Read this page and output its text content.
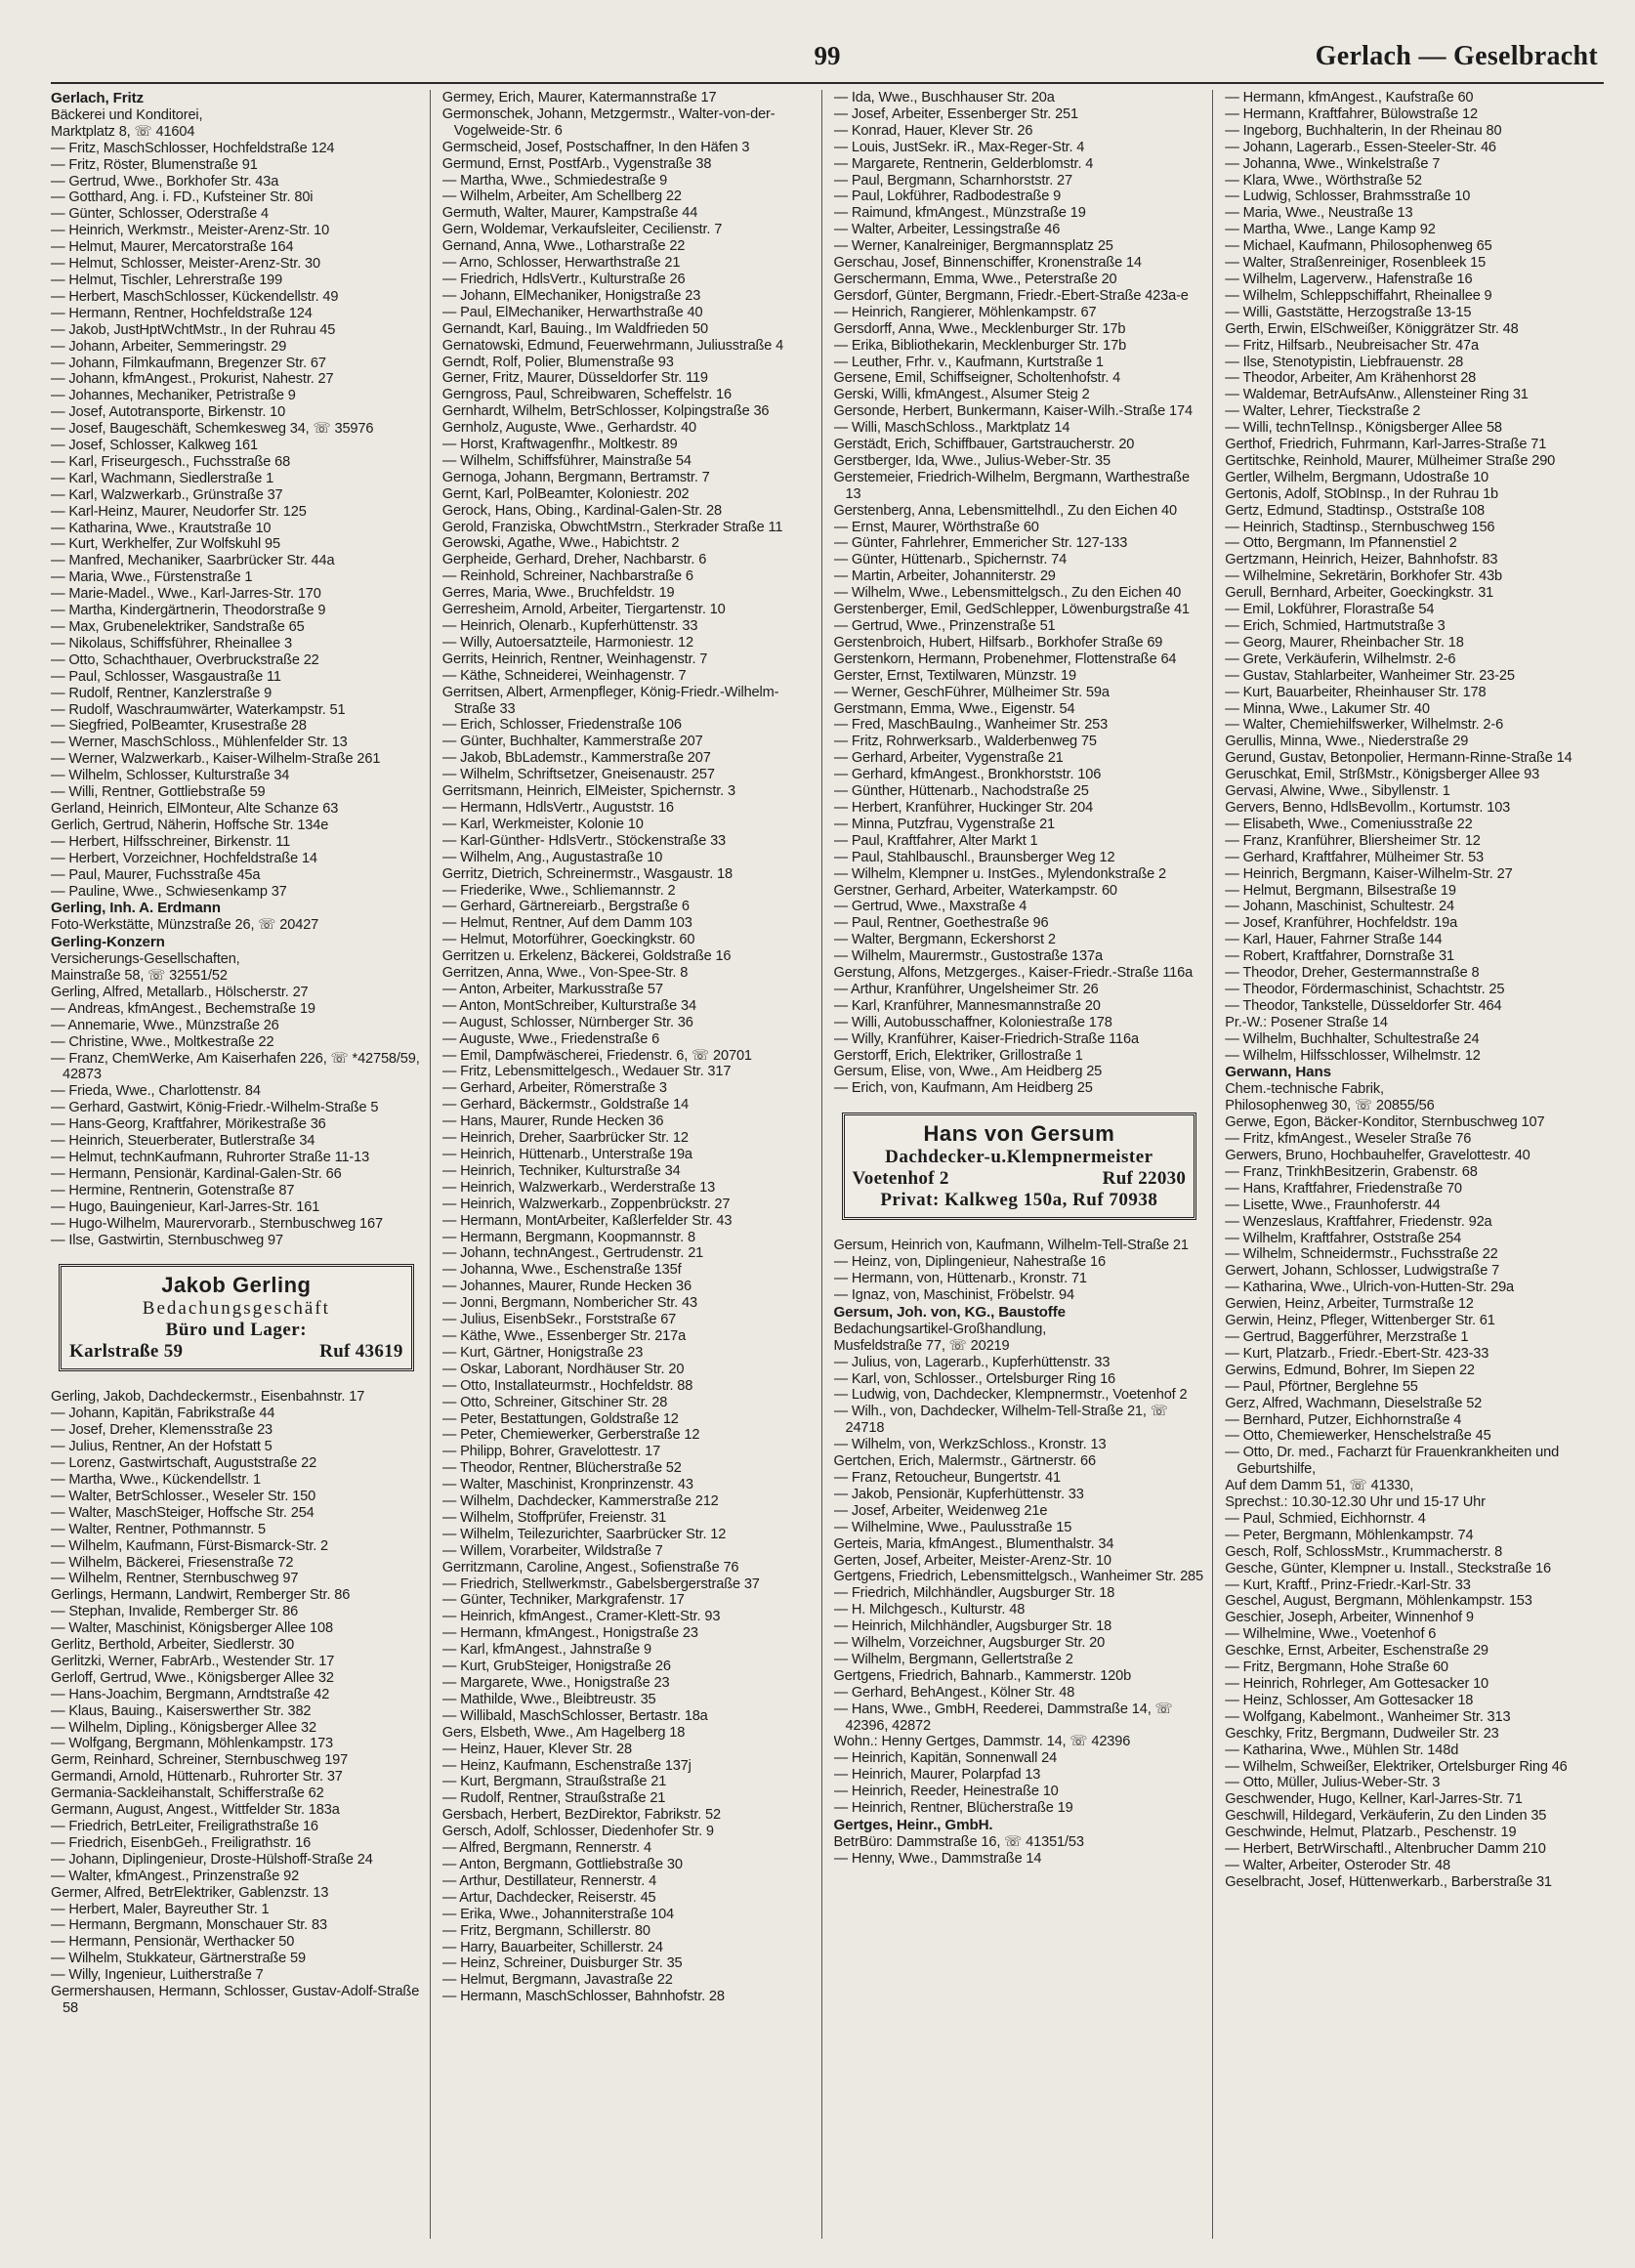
99	Gerlach — Geselbracht
Gerlach, Fritz
Bäckerei und Konditorei,
Marktplatz 8, ☏ 41604
— Fritz, MaschSchlosser, Hochfeldstraße 124
— Fritz, Röster, Blumenstraße 91
— Gertrud, Wwe., Borkhofer Str. 43a
— Gotthard, Ang. i. FD., Kufsteiner Str. 80i
— Günter, Schlosser, Oderstraße 4
— Heinrich, Werkmstr., Meister-Arenz-Str. 10
— Helmut, Maurer, Mercatorstraße 164
— Helmut, Schlosser, Meister-Arenz-Str. 30
— Helmut, Tischler, Lehrerstraße 199
— Herbert, MaschSchlosser, Kückendellstr. 49
— Hermann, Rentner, Hochfeldstraße 124
— Jakob, JustHptWchtMstr., In der Ruhrau 45
— Johann, Arbeiter, Semmeringstr. 29
— Johann, Filmkaufmann, Bregenzer Str. 67
— Johann, kfmAngest., Prokurist, Nahestr. 27
— Johannes, Mechaniker, Petristraße 9
— Josef, Autotransporte, Birkenstr. 10
— Josef, Baugeschäft, Schemkesweg 34, ☏ 35976
— Josef, Schlosser, Kalkweg 161
— Karl, Friseurgesch., Fuchsstraße 68
— Karl, Wachmann, Siedlerstraße 1
— Karl, Walzwerkarb., Grünstraße 37
— Karl-Heinz, Maurer, Neudorfer Str. 125
— Katharina, Wwe., Krautstraße 10
— Kurt, Werkhelfer, Zur Wolfskuhl 95
— Manfred, Mechaniker, Saarbrücker Str. 44a
— Maria, Wwe., Fürstenstraße 1
— Marie-Madel., Wwe., Karl-Jarres-Str. 170
— Martha, Kindergärtnerin, Theodorstraße 9
— Max, Grubenelektriker, Sandstraße 65
— Nikolaus, Schiffsführer, Rheinallee 3
— Otto, Schachthauer, Overbruckstraße 22
— Paul, Schlosser, Wasgaustraße 11
— Rudolf, Rentner, Kanzlerstraße 9
— Rudolf, Waschraumwärter, Waterkampstr. 51
— Siegfried, PolBeamter, Krusestraße 28
— Werner, MaschSchloss., Mühlenfelder Str. 13
— Werner, Walzwerkarb., Kaiser-Wilhelm-Straße 261
— Wilhelm, Schlosser, Kulturstraße 34
— Willi, Rentner, Gottliebstraße 59
Gerland, Heinrich, ElMonteur, Alte Schanze 63
Gerlich, Gertrud, Näherin, Hoffsche Str. 134e
— Herbert, Hilfsschreiner, Birkenstr. 11
— Herbert, Vorzeichner, Hochfeldstraße 14
— Paul, Maurer, Fuchsstraße 45a
— Pauline, Wwe., Schwiesenkamp 37
Gerling, Inh. A. Erdmann
Foto-Werkstätte, Münzstraße 26, ☏ 20427
Gerling-Konzern
Versicherungs-Gesellschaften,
Mainstraße 58, ☏ 32551/52
Gerling, Alfred, Metallarb., Hölscherstr. 27
— Andreas, kfmAngest., Bechemstraße 19
— Annemarie, Wwe., Münzstraße 26
— Christine, Wwe., Moltkestraße 22
— Franz, ChemWerke, Am Kaiserhafen 226, ☏ *42758/59, 42873
— Frieda, Wwe., Charlottenstr. 84
— Gerhard, Gastwirt, König-Friedr.-Wilhelm-Straße 5
— Hans-Georg, Kraftfahrer, Mörikestraße 36
— Heinrich, Steuerberater, Butlerstraße 34
— Helmut, technKaufmann, Ruhrorter Straße 11-13
— Hermann, Pensionär, Kardinal-Galen-Str. 66
— Hermine, Rentnerin, Gotenstraße 87
— Hugo, Bauingenieur, Karl-Jarres-Str. 161
— Hugo-Wilhelm, Maurervorarb., Sternbuschweg 167
— Ilse, Gastwirtin, Sternbuschweg 97
Jakob Gerling
Bedachungsgeschäft
Büro und Lager:
Karlstraße 59	Ruf 43619
Gerling, Jakob, Dachdeckermstr., Eisenbahnstr. 17
— Johann, Kapitän, Fabrikstraße 44
— Josef, Dreher, Klemensstraße 23
— Julius, Rentner, An der Hofstatt 5
— Lorenz, Gastwirtschaft, Auguststraße 22
— Martha, Wwe., Kückendellstr. 1
— Walter, BetrSchlosser., Weseler Str. 150
— Walter, MaschSteiger, Hoffsche Str. 254
— Walter, Rentner, Pothmannstr. 5
— Wilhelm, Kaufmann, Fürst-Bismarck-Str. 2
— Wilhelm, Bäckerei, Friesenstraße 72
— Wilhelm, Rentner, Sternbuschweg 97
Gerlings, Hermann, Landwirt, Remberger Str. 86
— Stephan, Invalide, Remberger Str. 86
— Walter, Maschinist, Königsberger Allee 108
Gerlitz, Berthold, Arbeiter, Siedlerstr. 30
Gerlitzki, Werner, FabrArb., Westender Str. 17
Gerloff, Gertrud, Wwe., Königsberger Allee 32
— Hans-Joachim, Bergmann, Arndtstraße 42
— Klaus, Bauing., Kaiserswerther Str. 382
— Wilhelm, Dipling., Königsberger Allee 32
— Wolfgang, Bergmann, Möhlenkampstr. 173
Germ, Reinhard, Schreiner, Sternbuschweg 197
Germandi, Arnold, Hüttenarb., Ruhrorter Str. 37
Germania-Sackleihanstalt, Schifferstraße 62
Germann, August, Angest., Wittfelder Str. 183a
— Friedrich, BetrLeiter, Freiligrathstraße 16
— Friedrich, EisenbGeh., Freiligrathstr. 16
— Johann, Diplingenieur, Droste-Hülshoff-Straße 24
— Walter, kfmAngest., Prinzenstraße 92
Germer, Alfred, BetrElektriker, Gablenzstr. 13
— Herbert, Maler, Bayreuther Str. 1
— Hermann, Bergmann, Monschauer Str. 83
— Hermann, Pensionär, Werthacker 50
— Wilhelm, Stukkateur, Gärtnerstraße 59
— Willy, Ingenieur, Luitherstraße 7
Germershausen, Hermann, Schlosser, Gustav-Adolf-Straße 58
Germey, Erich, Maurer, Katermannstraße 17
Germonschek, Johann, Metzgermstr., Walter-von-der-Vogelweide-Str. 6
Germscheid, Josef, Postschaffner, In den Häfen 3
Germund, Ernst, PostfArb., Vygenstraße 38
— Martha, Wwe., Schmiedestraße 9
— Wilhelm, Arbeiter, Am Schellberg 22
Germuth, Walter, Maurer, Kampstraße 44
Gern, Woldemar, Verkaufsleiter, Cecilienstr. 7
Gernand, Anna, Wwe., Lotharstraße 22
— Arno, Schlosser, Herwarthstraße 21
— Friedrich, HdlsVertr., Kulturstraße 26
— Johann, ElMechaniker, Honigstraße 23
— Paul, ElMechaniker, Herwarthstraße 40
Gernandt, Karl, Bauing., Im Waldfrieden 50
Gernatowski, Edmund, Feuerwehrmann, Juliusstraße 4
Gerndt, Rolf, Polier, Blumenstraße 93
Gerner, Fritz, Maurer, Düsseldorfer Str. 119
Gerngross, Paul, Schreibwaren, Scheffelstr. 16
Gernhardt, Wilhelm, BetrSchlosser, Kolpingstraße 36
Gernholz, Auguste, Wwe., Gerhardstr. 40
— Horst, Kraftwagenfhr., Moltkestr. 89
— Wilhelm, Schiffsführer, Mainstraße 54
Gernoga, Johann, Bergmann, Bertramstr. 7
Gernt, Karl, PolBeamter, Koloniestr. 202
Gerock, Hans, Obing., Kardinal-Galen-Str. 28
Gerold, Franziska, ObwchtMstrn., Sterkrader Straße 11
Gerowski, Agathe, Wwe., Habichtstr. 2
Gerpheide, Gerhard, Dreher, Nachbarstr. 6
— Reinhold, Schreiner, Nachbarstraße 6
Gerres, Maria, Wwe., Bruchfeldstr. 19
Gerresheim, Arnold, Arbeiter, Tiergartenstr. 10
— Heinrich, Olenarb., Kupferhüttenstr. 33
— Willy, Autoersatzteile, Harmoniestr. 12
Gerrits, Heinrich, Rentner, Weinhagenstr. 7
— Käthe, Schneiderei, Weinhagenstr. 7
Gerritsen, Albert, Armenpfleger, König-Friedr.-Wilhelm-Straße 33
— Erich, Schlosser, Friedenstraße 106
— Günter, Buchhalter, Kammerstraße 207
— Jakob, BbLademstr., Kammerstraße 207
— Wilhelm, Schriftsetzer, Gneisenaustr. 257
Gerritsmann, Heinrich, ElMeister, Spichernstr. 3
— Hermann, HdlsVertr., Auguststr. 16
— Karl, Werkmeister, Kolonie 10
— Karl-Günther- HdlsVertr., Stöckenstraße 33
— Wilhelm, Ang., Augustastraße 10
Gerritz, Dietrich, Schreinermstr., Wasgaustr. 18
— Friederike, Wwe., Schliemannstr. 2
— Gerhard, Gärtnereiarb., Bergstraße 6
— Helmut, Rentner, Auf dem Damm 103
— Helmut, Motorführer, Goeckingkstr. 60
Gerritzen u. Erkelenz, Bäckerei, Goldstraße 16
Gerritzen, Anna, Wwe., Von-Spee-Str. 8
— Anton, Arbeiter, Markusstraße 57
— Anton, MontSchreiber, Kulturstraße 34
— August, Schlosser, Nürnberger Str. 36
— Auguste, Wwe., Friedenstraße 6
— Emil, Dampfwäscherei, Friedenstr. 6, ☏ 20701
— Fritz, Lebensmittelgesch., Wedauer Str. 317
— Gerhard, Arbeiter, Römerstraße 3
— Gerhard, Bäckermstr., Goldstraße 14
— Hans, Maurer, Runde Hecken 36
— Heinrich, Dreher, Saarbrücker Str. 12
— Heinrich, Hüttenarb., Unterstraße 19a
— Heinrich, Techniker, Kulturstraße 34
— Heinrich, Walzwerkarb., Werderstraße 13
— Heinrich, Walzwerkarb., Zoppenbrückstr. 27
— Hermann, MontArbeiter, Kaßlerfelder Str. 43
— Hermann, Bergmann, Koopmannstr. 8
— Johann, technAngest., Gertrudenstr. 21
— Johanna, Wwe., Eschenstraße 135f
— Johannes, Maurer, Runde Hecken 36
— Jonni, Bergmann, Nombericher Str. 43
— Julius, EisenbSekr., Forststraße 67
— Käthe, Wwe., Essenberger Str. 217a
— Kurt, Gärtner, Honigstraße 23
— Oskar, Laborant, Nordhäuser Str. 20
— Otto, Installateurmstr., Hochfeldstr. 88
— Otto, Schreiner, Gitschiner Str. 28
— Peter, Bestattungen, Goldstraße 12
— Peter, Chemiewerker, Gerberstraße 12
— Philipp, Bohrer, Gravelottestr. 17
— Theodor, Rentner, Blücherstraße 52
— Walter, Maschinist, Kronprinzenstr. 43
— Wilhelm, Dachdecker, Kammerstraße 212
— Wilhelm, Stoffprüfer, Freienstr. 31
— Wilhelm, Teilezurichter, Saarbrücker Str. 12
— Willem, Vorarbeiter, Wildstraße 7
Gerritzmann, Caroline, Angest., Sofienstraße 76
— Friedrich, Stellwerkmstr., Gabelsbergerstraße 37
— Günter, Techniker, Markgrafenstr. 17
— Heinrich, kfmAngest., Cramer-Klett-Str. 93
— Hermann, kfmAngest., Honigstraße 23
— Karl, kfmAngest., Jahnstraße 9
— Kurt, GrubSteiger, Honigstraße 26
— Margarete, Wwe., Honigstraße 23
— Mathilde, Wwe., Bleibtreustr. 35
— Willibald, MaschSchlosser, Bertastr. 18a
Gers, Elsbeth, Wwe., Am Hagelberg 18
— Heinz, Hauer, Klever Str. 28
— Heinz, Kaufmann, Eschenstraße 137j
— Kurt, Bergmann, Straußstraße 21
— Rudolf, Rentner, Straußstraße 21
Gersbach, Herbert, BezDirektor, Fabrikstr. 52
Gersch, Adolf, Schlosser, Diedenhofer Str. 9
— Alfred, Bergmann, Rennerstr. 4
— Anton, Bergmann, Gottliebstraße 30
— Arthur, Destillateur, Rennerstr. 4
— Artur, Dachdecker, Reiserstr. 45
— Erika, Wwe., Johanniterstraße 104
— Fritz, Bergmann, Schillerstr. 80
— Harry, Bauarbeiter, Schillerstr. 24
— Heinz, Schreiner, Duisburger Str. 35
— Helmut, Bergmann, Javastraße 22
— Hermann, MaschSchlosser, Bahnhofstr. 28
— Ida, Wwe., Buschhauser Str. 20a
— Josef, Arbeiter, Essenberger Str. 251
— Konrad, Hauer, Klever Str. 26
— Louis, JustSekr. iR., Max-Reger-Str. 4
— Margarete, Rentnerin, Gelderblomstr. 4
— Paul, Bergmann, Scharnhorststr. 27
— Paul, Lokführer, Radbodestraße 9
— Raimund, kfmAngest., Münzstraße 19
— Walter, Arbeiter, Lessingstraße 46
— Werner, Kanalreiniger, Bergmannsplatz 25
Gerschau, Josef, Binnenschiffer, Kronenstraße 14
Gerschermann, Emma, Wwe., Peterstraße 20
Gersdorf, Günter, Bergmann, Friedr.-Ebert-Straße 423a-e
— Heinrich, Rangierer, Möhlenkampstr. 67
Gersdorff, Anna, Wwe., Mecklenburger Str. 17b
— Erika, Bibliothekarin, Mecklenburger Str. 17b
— Leuther, Frhr. v., Kaufmann, Kurtstraße 1
Gersene, Emil, Schiffseigner, Scholtenhofstr. 4
Gerski, Willi, kfmAngest., Alsumer Steig 2
Gersonde, Herbert, Bunkermann, Kaiser-Wilh.-Straße 174
— Willi, MaschSchloss., Marktplatz 14
Gerstädt, Erich, Schiffbauer, Gartstraucherstr. 20
Gerstberger, Ida, Wwe., Julius-Weber-Str. 35
Gerstemeier, Friedrich-Wilhelm, Bergmann, Warthestraße 13
Gerstenberg, Anna, Lebensmittelhdl., Zu den Eichen 40
— Ernst, Maurer, Wörthstraße 60
— Günter, Fahrlehrer, Emmericher Str. 127-133
— Günter, Hüttenarb., Spichernstr. 74
— Martin, Arbeiter, Johanniterstr. 29
— Wilhelm, Wwe., Lebensmittelgsch., Zu den Eichen 40
Gerstenberger, Emil, GedSchlepper, Löwenburgstraße 41
— Gertrud, Wwe., Prinzenstraße 51
Gerstenbroich, Hubert, Hilfsarb., Borkhofer Straße 69
Gerstenkorn, Hermann, Probenehmer, Flottenstraße 64
Gerster, Ernst, Textilwaren, Münzstr. 19
— Werner, GeschFührer, Mülheimer Str. 59a
Gerstmann, Emma, Wwe., Eigenstr. 54
— Fred, MaschBauIng., Wanheimer Str. 253
— Fritz, Rohrwerksarb., Walderbenweg 75
— Gerhard, Arbeiter, Vygenstraße 21
— Gerhard, kfmAngest., Bronkhorststr. 106
— Günther, Hüttenarb., Nachodstraße 25
— Herbert, Kranführer, Huckinger Str. 204
— Minna, Putzfrau, Vygenstraße 21
— Paul, Kraftfahrer, Alter Markt 1
— Paul, Stahlbauschl., Braunsberger Weg 12
— Wilhelm, Klempner u. InstGes., Mylendonkstraße 2
Gerstner, Gerhard, Arbeiter, Waterkampstr. 60
— Gertrud, Wwe., Maxstraße 4
— Paul, Rentner, Goethestraße 96
— Walter, Bergmann, Eckershorst 2
— Wilhelm, Maurermstr., Gustostraße 137a
Gerstung, Alfons, Metzgerges., Kaiser-Friedr.-Straße 116a
— Arthur, Kranführer, Ungelsheimer Str. 26
— Karl, Kranführer, Mannesmannstraße 20
— Willi, Autobusschaffner, Koloniestraße 178
— Willy, Kranführer, Kaiser-Friedrich-Straße 116a
Gerstorff, Erich, Elektriker, Grillostraße 1
Gersum, Elise, von, Wwe., Am Heidberg 25
— Erich, von, Kaufmann, Am Heidberg 25
Hans von Gersum
Dachdecker-u.Klempnermeister
Voetenhof 2	Ruf 22030
Privat: Kalkweg 150a, Ruf 70938
Gersum, Heinrich von, Kaufmann, Wilhelm-Tell-Straße 21
— Heinz, von, Diplingenieur, Nahestraße 16
— Hermann, von, Hüttenarb., Kronstr. 71
— Ignaz, von, Maschinist, Fröbelstr. 94
Gersum, Joh. von, KG., Baustoffe
Bedachungsartikel-Großhandlung,
Musfeldstraße 77, ☏ 20219
— Julius, von, Lagerarb., Kupferhüttenstr. 33
— Karl, von, Schlosser., Ortelsburger Ring 16
— Ludwig, von, Dachdecker, Klempnermstr., Voetenhof 2
— Wilh., von, Dachdecker, Wilhelm-Tell-Straße 21, ☏ 24718
— Wilhelm, von, WerkzSchloss., Kronstr. 13
Gertchen, Erich, Malermstr., Gärtnerstr. 66
— Franz, Retoucheur, Bungertstr. 41
— Jakob, Pensionär, Kupferhüttenstr. 33
— Josef, Arbeiter, Weidenweg 21e
— Wilhelmine, Wwe., Paulusstraße 15
Gerteis, Maria, kfmAngest., Blumenthalstr. 34
Gerten, Josef, Arbeiter, Meister-Arenz-Str. 10
Gertgens, Friedrich, Lebensmittelgsch., Wanheimer Str. 285
— Friedrich, Milchhändler, Augsburger Str. 18
— H. Milchgesch., Kulturstr. 48
— Heinrich, Milchhändler, Augsburger Str. 18
— Wilhelm, Vorzeichner, Augsburger Str. 20
— Wilhelm, Bergmann, Gellertstraße 2
Gertgens, Friedrich, Bahnarb., Kammerstr. 120b
— Gerhard, BehAngest., Kölner Str. 48
— Hans, Wwe., GmbH, Reederei, Dammstraße 14, ☏ 42396, 42872
Wohn.: Henny Gertges, Dammstr. 14, ☏ 42396
— Heinrich, Kapitän, Sonnenwall 24
— Heinrich, Maurer, Polarpfad 13
— Heinrich, Reeder, Heinestraße 10
— Heinrich, Rentner, Blücherstraße 19
Gertges, Heinr., GmbH.
BetrBüro: Dammstraße 16, ☏ 41351/53
— Henny, Wwe., Dammstraße 14
— Hermann, kfmAngest., Kaufstraße 60
— Hermann, Kraftfahrer, Bülowstraße 12
— Ingeborg, Buchhalterin, In der Rheinau 80
— Johann, Lagerarb., Essen-Steeler-Str. 46
— Johanna, Wwe., Winkelstraße 7
— Klara, Wwe., Wörthstraße 52
— Ludwig, Schlosser, Brahmsstraße 10
— Maria, Wwe., Neustraße 13
— Martha, Wwe., Lange Kamp 92
— Michael, Kaufmann, Philosophenweg 65
— Walter, Straßenreiniger, Rosenbleek 15
— Wilhelm, Lagerverw., Hafenstraße 16
— Wilhelm, Schleppschiffahrt, Rheinallee 9
— Willi, Gaststätte, Herzogstraße 13-15
Gerth, Erwin, ElSchweißer, Königgrätzer Str. 48
— Fritz, Hilfsarb., Neubreisacher Str. 47a
— Ilse, Stenotypistin, Liebfrauenstr. 28
— Theodor, Arbeiter, Am Krähenhorst 28
— Waldemar, BetrAufsAnw., Allensteiner Ring 31
— Walter, Lehrer, Tieckstraße 2
— Willi, technTelInsp., Königsberger Allee 58
Gerthof, Friedrich, Fuhrmann, Karl-Jarres-Straße 71
Gertitschke, Reinhold, Maurer, Mülheimer Straße 290
Gertler, Wilhelm, Bergmann, Udostraße 10
Gertonis, Adolf, StObInsp., In der Ruhrau 1b
Gertz, Edmund, Stadtinsp., Oststraße 108
— Heinrich, Stadtinsp., Sternbuschweg 156
— Otto, Bergmann, Im Pfannenstiel 2
Gertzmann, Heinrich, Heizer, Bahnhofstr. 83
— Wilhelmine, Sekretärin, Borkhofer Str. 43b
Gerull, Bernhard, Arbeiter, Goeckingkstr. 31
— Emil, Lokführer, Florastraße 54
— Erich, Schmied, Hartmutstraße 3
— Georg, Maurer, Rheinbacher Str. 18
— Grete, Verkäuferin, Wilhelmstr. 2-6
— Gustav, Stahlarbeiter, Wanheimer Str. 23-25
— Kurt, Bauarbeiter, Rheinhauser Str. 178
— Minna, Wwe., Lakumer Str. 40
— Walter, Chemiehilfswerker, Wilhelmstr. 2-6
Gerullis, Minna, Wwe., Niederstraße 29
Gerund, Gustav, Betonpolier, Hermann-Rinne-Straße 14
Geruschkat, Emil, StrßMstr., Königsberger Allee 93
Gervasi, Alwine, Wwe., Sibyllenstr. 1
Gervers, Benno, HdlsBevollm., Kortumstr. 103
— Elisabeth, Wwe., Comeniusstraße 22
— Franz, Kranführer, Bliersheimer Str. 12
— Gerhard, Kraftfahrer, Mülheimer Str. 53
— Heinrich, Bergmann, Kaiser-Wilhelm-Str. 27
— Helmut, Bergmann, Bilsestraße 19
— Johann, Maschinist, Schultestr. 24
— Josef, Kranführer, Hochfeldstr. 19a
— Karl, Hauer, Fahrner Straße 144
— Robert, Kraftfahrer, Dornstraße 31
— Theodor, Dreher, Gestermannstraße 8
— Theodor, Fördermaschinist, Schachtstr. 25
— Theodor, Tankstelle, Düsseldorfer Str. 464
Pr.-W.: Posener Straße 14
— Wilhelm, Buchhalter, Schultestraße 24
— Wilhelm, Hilfsschlosser, Wilhelmstr. 12
Gerwann, Hans
Chem.-technische Fabrik,
Philosophenweg 30, ☏ 20855/56
Gerwe, Egon, Bäcker-Konditor, Sternbuschweg 107
— Fritz, kfmAngest., Weseler Straße 76
Gerwers, Bruno, Hochbauhelfer, Gravelottestr. 40
— Franz, TrinkhBesitzerin, Grabenstr. 68
— Hans, Kraftfahrer, Friedenstraße 70
— Lisette, Wwe., Fraunhoferstr. 44
— Wenzeslaus, Kraftfahrer, Friedenstr. 92a
— Wilhelm, Kraftfahrer, Oststraße 254
— Wilhelm, Schneidermstr., Fuchsstraße 22
Gerwert, Johann, Schlosser, Ludwigstraße 7
— Katharina, Wwe., Ulrich-von-Hutten-Str. 29a
Gerwien, Heinz, Arbeiter, Turmstraße 12
Gerwin, Heinz, Pfleger, Wittenberger Str. 61
— Gertrud, Baggerführer, Merzstraße 1
— Kurt, Platzarb., Friedr.-Ebert-Str. 423-33
Gerwins, Edmund, Bohrer, Im Siepen 22
— Paul, Pförtner, Berglehne 55
Gerz, Alfred, Wachmann, Dieselstraße 52
— Bernhard, Putzer, Eichhornstraße 4
— Otto, Chemiewerker, Henschelstraße 45
— Otto, Dr. med., Facharzt für Frauenkrankheiten und Geburtshilfe,
Auf dem Damm 51, ☏ 41330,
Sprechst.: 10.30-12.30 Uhr und 15-17 Uhr
— Paul, Schmied, Eichhornstr. 4
— Peter, Bergmann, Möhlenkampstr. 74
Gesch, Rolf, SchlossMstr., Krummacherstr. 8
Gesche, Günter, Klempner u. Install., Steckstraße 16
— Kurt, Kraftf., Prinz-Friedr.-Karl-Str. 33
Geschel, August, Bergmann, Möhlenkampstr. 153
Geschier, Joseph, Arbeiter, Winnenhof 9
— Wilhelmine, Wwe., Voetenhof 6
Geschke, Ernst, Arbeiter, Eschenstraße 29
— Fritz, Bergmann, Hohe Straße 60
— Heinrich, Rohrleger, Am Gottesacker 10
— Heinz, Schlosser, Am Gottesacker 18
— Wolfgang, Kabelmont., Wanheimer Str. 313
Geschky, Fritz, Bergmann, Dudweiler Str. 23
— Katharina, Wwe., Mühlen Str. 148d
— Wilhelm, Schweißer, Elektriker, Ortelsburger Ring 46
— Otto, Müller, Julius-Weber-Str. 3
Geschwender, Hugo, Kellner, Karl-Jarres-Str. 71
Geschwill, Hildegard, Verkäuferin, Zu den Linden 35
Geschwinde, Helmut, Platzarb., Peschenstr. 19
— Herbert, BetrWirschaftl., Altenbrucher Damm 210
— Walter, Arbeiter, Osteroder Str. 48
Geselbracht, Josef, Hüttenwerkarb., Barberstraße 31
